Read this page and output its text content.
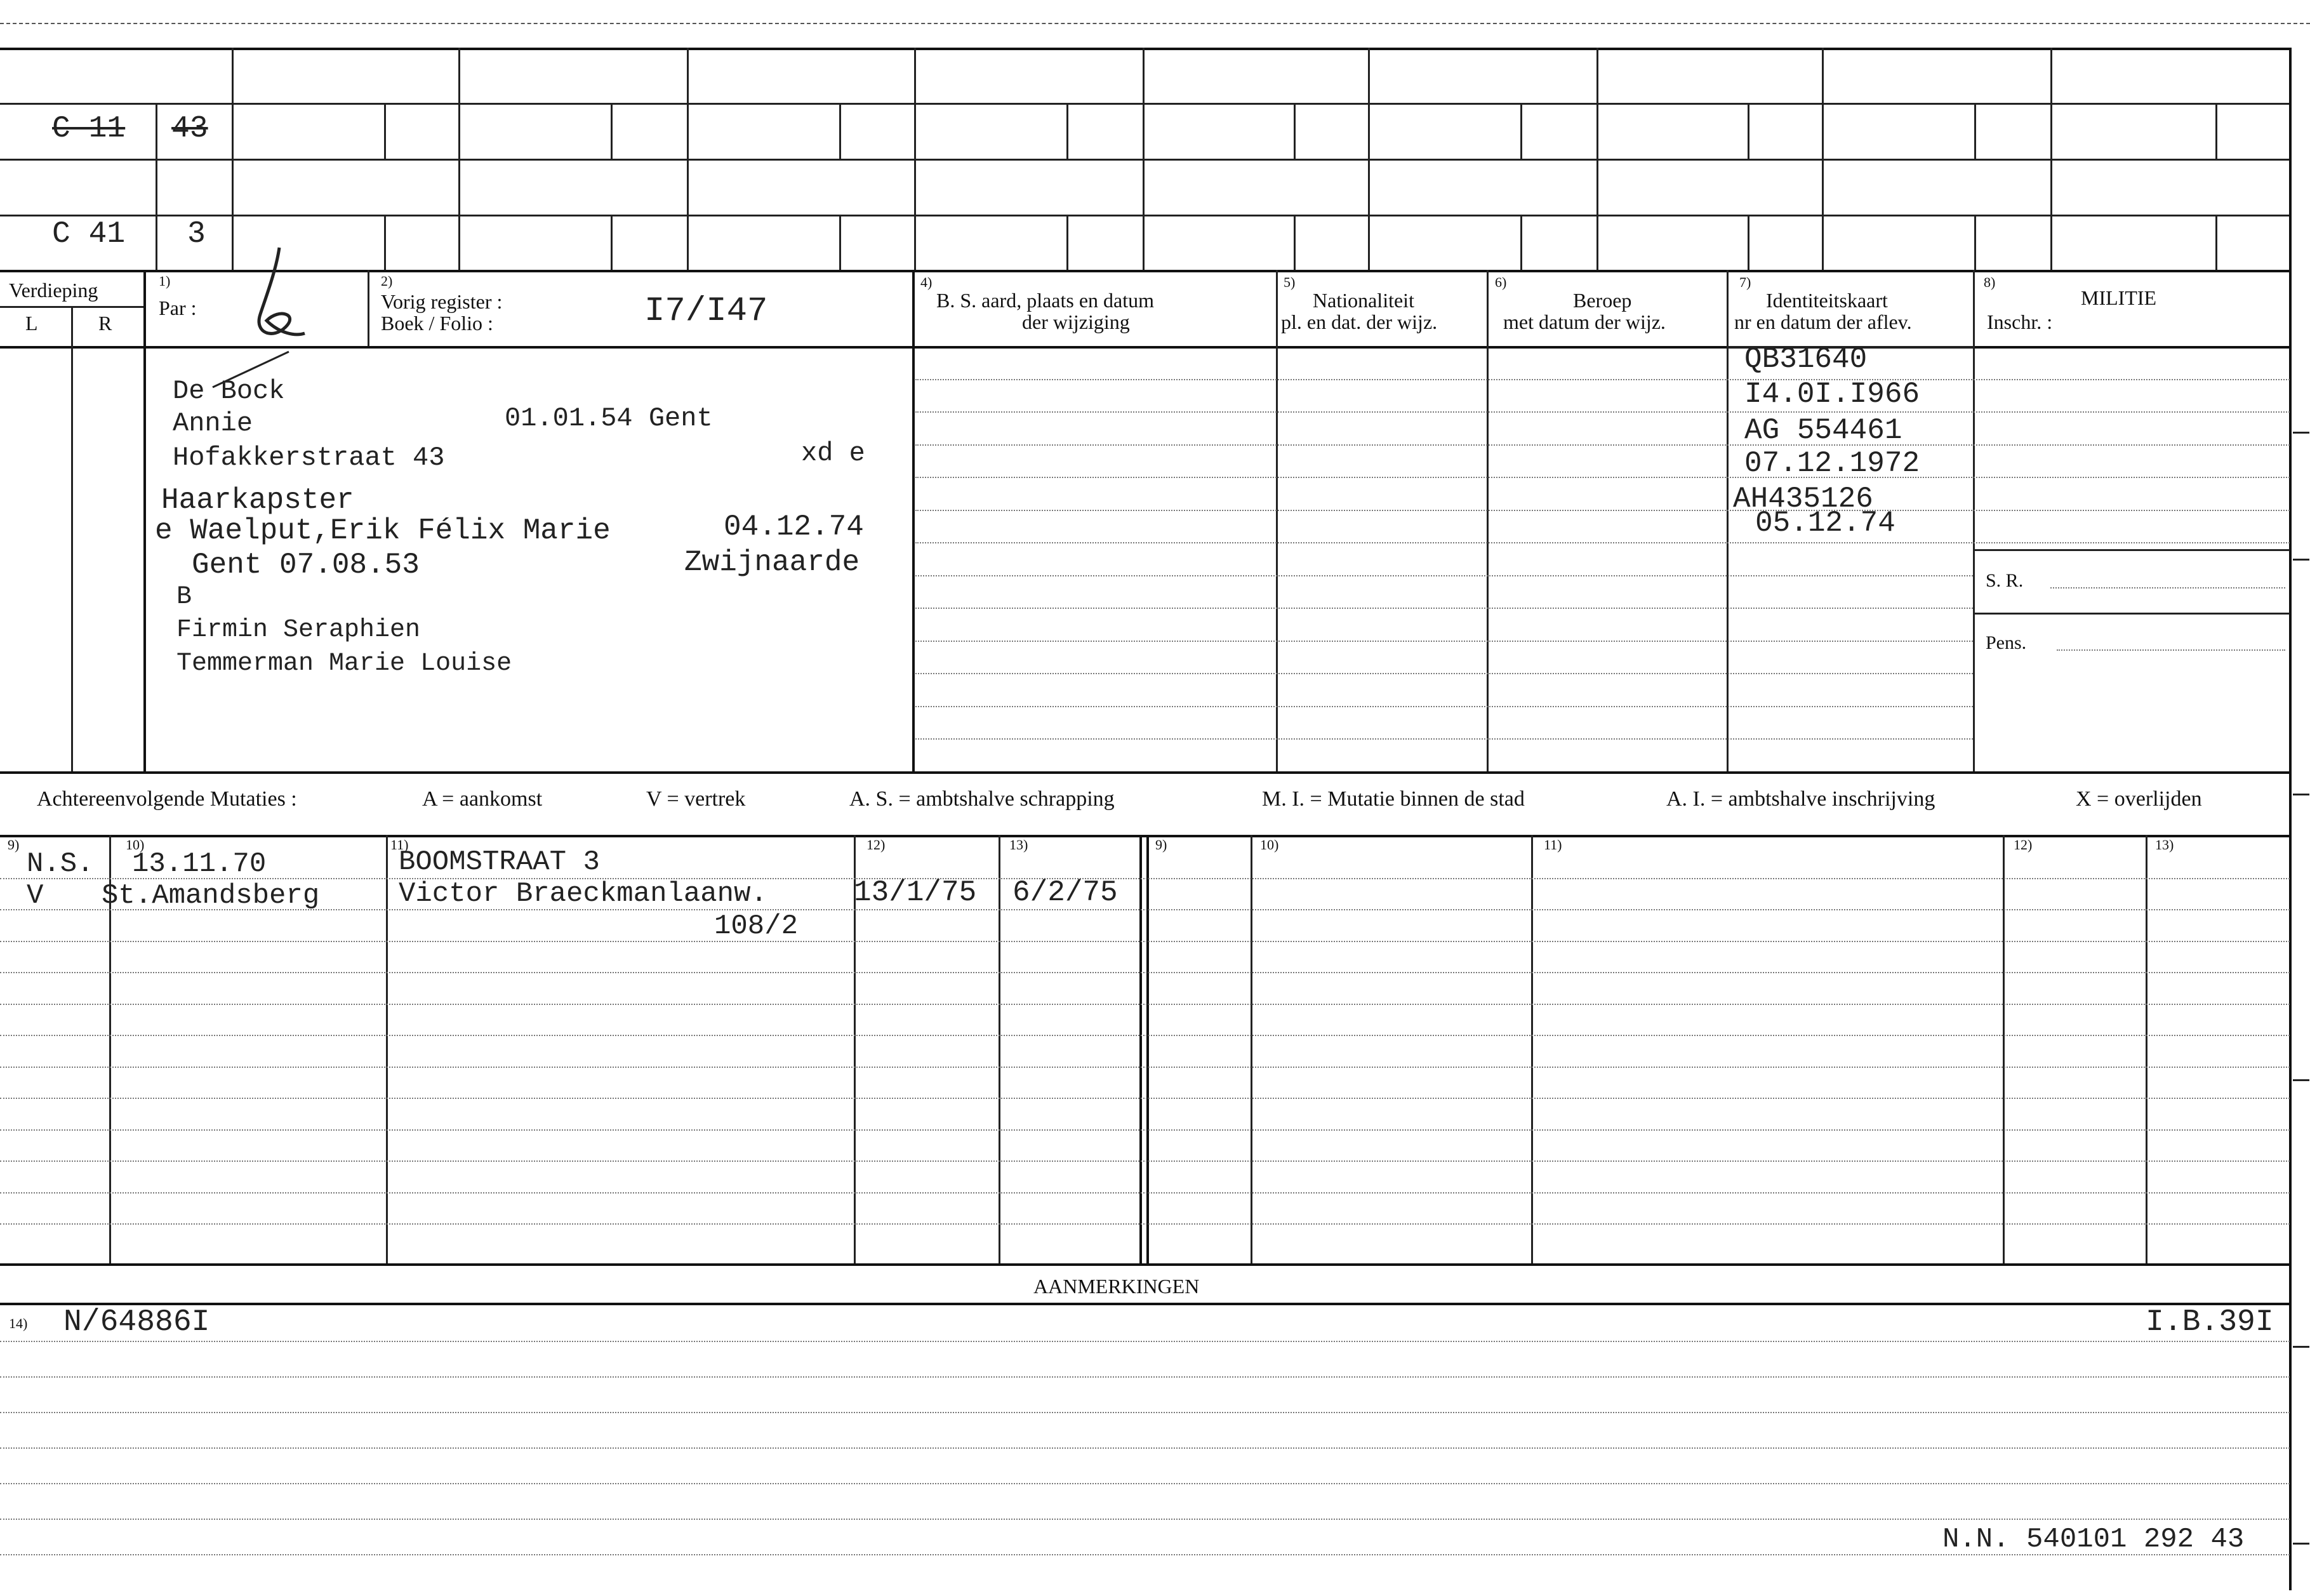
C 11 43
C 41 3
Verdieping
L	R
1)
Par :
2)
Vorig register :
Boek / Folio :	I7/I47
4)
B. S. aard, plaats en datum
der wijziging
5)
Nationaliteit
pl. en dat. der wijz.
6)
Beroep
met datum der wijz.
7)
Identiteitskaart
nr en datum der aflev.
8)
MILITIE
Inschr. :
S. R.
Pens.
De Bock
Annie	01.01.54 Gent
Hofakkerstraat 43	xd e
Haarkapster
e Waelput,Erik Félix Marie	04.12.74
Gent 07.08.53	Zwijnaarde
B
Firmin Seraphien
Temmerman Marie Louise
QB31640
I4.0I.I966
AG 554461
07.12.1972
AH435126
05.12.74
Achtereenvolgende Mutaties :	A = aankomst	V = vertrek	A. S. = ambtshalve schrapping	M. I. = Mutatie binnen de stad	A. I. = ambtshalve inschrijving	X = overlijden
9)	10)	11)	12)	13)	9)	10)	11)	12)	13)
N.S. 13.11.70	BOOMSTRAAT 3
V St.Amandsberg	Victor Braeckmanlaanw.	13/1/75 6/2/75
108/2
AANMERKINGEN
14) N/64886I	I.B.39I
N.N. 540101 292 43
